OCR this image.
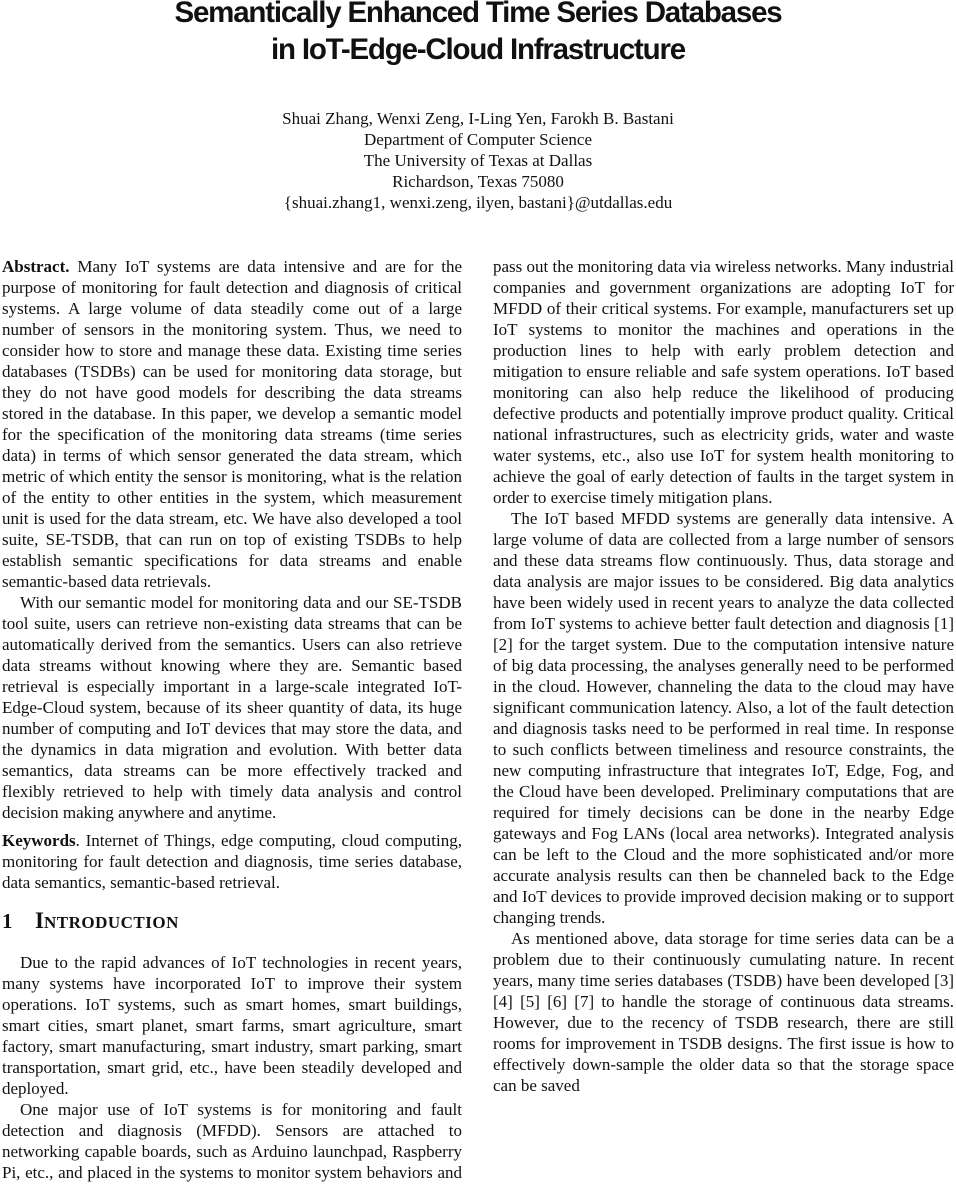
Semantically Enhanced Time Series Databases
in IoT-Edge-Cloud Infrastructure
Shuai Zhang, Wenxi Zeng, I-Ling Yen, Farokh B. Bastani
Department of Computer Science
The University of Texas at Dallas
Richardson, Texas 75080
{shuai.zhang1, wenxi.zeng, ilyen, bastani}@utdallas.edu

Abstract. Many IoT systems are data intensive and are for the purpose of monitoring for fault detection and diagnosis of critical systems. A large volume of data steadily come out of a large number of sensors in the monitoring system. Thus, we need to consider how to store and manage these data. Existing time series databases (TSDBs) can be used for monitoring data storage, but they do not have good models for describing the data streams stored in the database. In this paper, we develop a semantic model for the specification of the monitoring data streams (time series data) in terms of which sensor generated the data stream, which metric of which entity the sensor is monitoring, what is the relation of the entity to other entities in the system, which measurement unit is used for the data stream, etc. We have also developed a tool suite, SE-TSDB, that can run on top of existing TSDBs to help establish semantic specifications for data streams and enable semantic-based data retrievals.

With our semantic model for monitoring data and our SE-TSDB tool suite, users can retrieve non-existing data streams that can be automatically derived from the semantics. Users can also retrieve data streams without knowing where they are. Semantic based retrieval is especially important in a large-scale integrated IoT-Edge-Cloud system, because of its sheer quantity of data, its huge number of computing and IoT devices that may store the data, and the dynamics in data migration and evolution. With better data semantics, data streams can be more effectively tracked and flexibly retrieved to help with timely data analysis and control decision making anywhere and anytime.

Keywords. Internet of Things, edge computing, cloud computing, monitoring for fault detection and diagnosis, time series database, data semantics, semantic-based retrieval.

1 INTRODUCTION

Due to the rapid advances of IoT technologies in recent years, many systems have incorporated IoT to improve their system operations. IoT systems, such as smart homes, smart buildings, smart cities, smart planet, smart farms, smart agriculture, smart factory, smart manufacturing, smart industry, smart parking, smart transportation, smart grid, etc., have been steadily developed and deployed.

One major use of IoT systems is for monitoring and fault detection and diagnosis (MFDD). Sensors are attached to networking capable boards, such as Arduino launchpad, Raspberry Pi, etc., and placed in the systems to monitor system behaviors and

pass out the monitoring data via wireless networks. Many industrial companies and government organizations are adopting IoT for MFDD of their critical systems. For example, manufacturers set up IoT systems to monitor the machines and operations in the production lines to help with early problem detection and mitigation to ensure reliable and safe system operations. IoT based monitoring can also help reduce the likelihood of producing defective products and potentially improve product quality. Critical national infrastructures, such as electricity grids, water and waste water systems, etc., also use IoT for system health monitoring to achieve the goal of early detection of faults in the target system in order to exercise timely mitigation plans.

The IoT based MFDD systems are generally data intensive. A large volume of data are collected from a large number of sensors and these data streams flow continuously. Thus, data storage and data analysis are major issues to be considered. Big data analytics have been widely used in recent years to analyze the data collected from IoT systems to achieve better fault detection and diagnosis [1] [2] for the target system. Due to the computation intensive nature of big data processing, the analyses generally need to be performed in the cloud. However, channeling the data to the cloud may have significant communication latency. Also, a lot of the fault detection and diagnosis tasks need to be performed in real time. In response to such conflicts between timeliness and resource constraints, the new computing infrastructure that integrates IoT, Edge, Fog, and the Cloud have been developed. Preliminary computations that are required for timely decisions can be done in the nearby Edge gateways and Fog LANs (local area networks). Integrated analysis can be left to the Cloud and the more sophisticated and/or more accurate analysis results can then be channeled back to the Edge and IoT devices to provide improved decision making or to support changing trends.

As mentioned above, data storage for time series data can be a problem due to their continuously cumulating nature. In recent years, many time series databases (TSDB) have been developed [3] [4] [5] [6] [7] to handle the storage of continuous data streams. However, due to the recency of TSDB research, there are still rooms for improvement in TSDB designs. The first issue is how to effectively down-sample the older data so that the storage space can be saved
